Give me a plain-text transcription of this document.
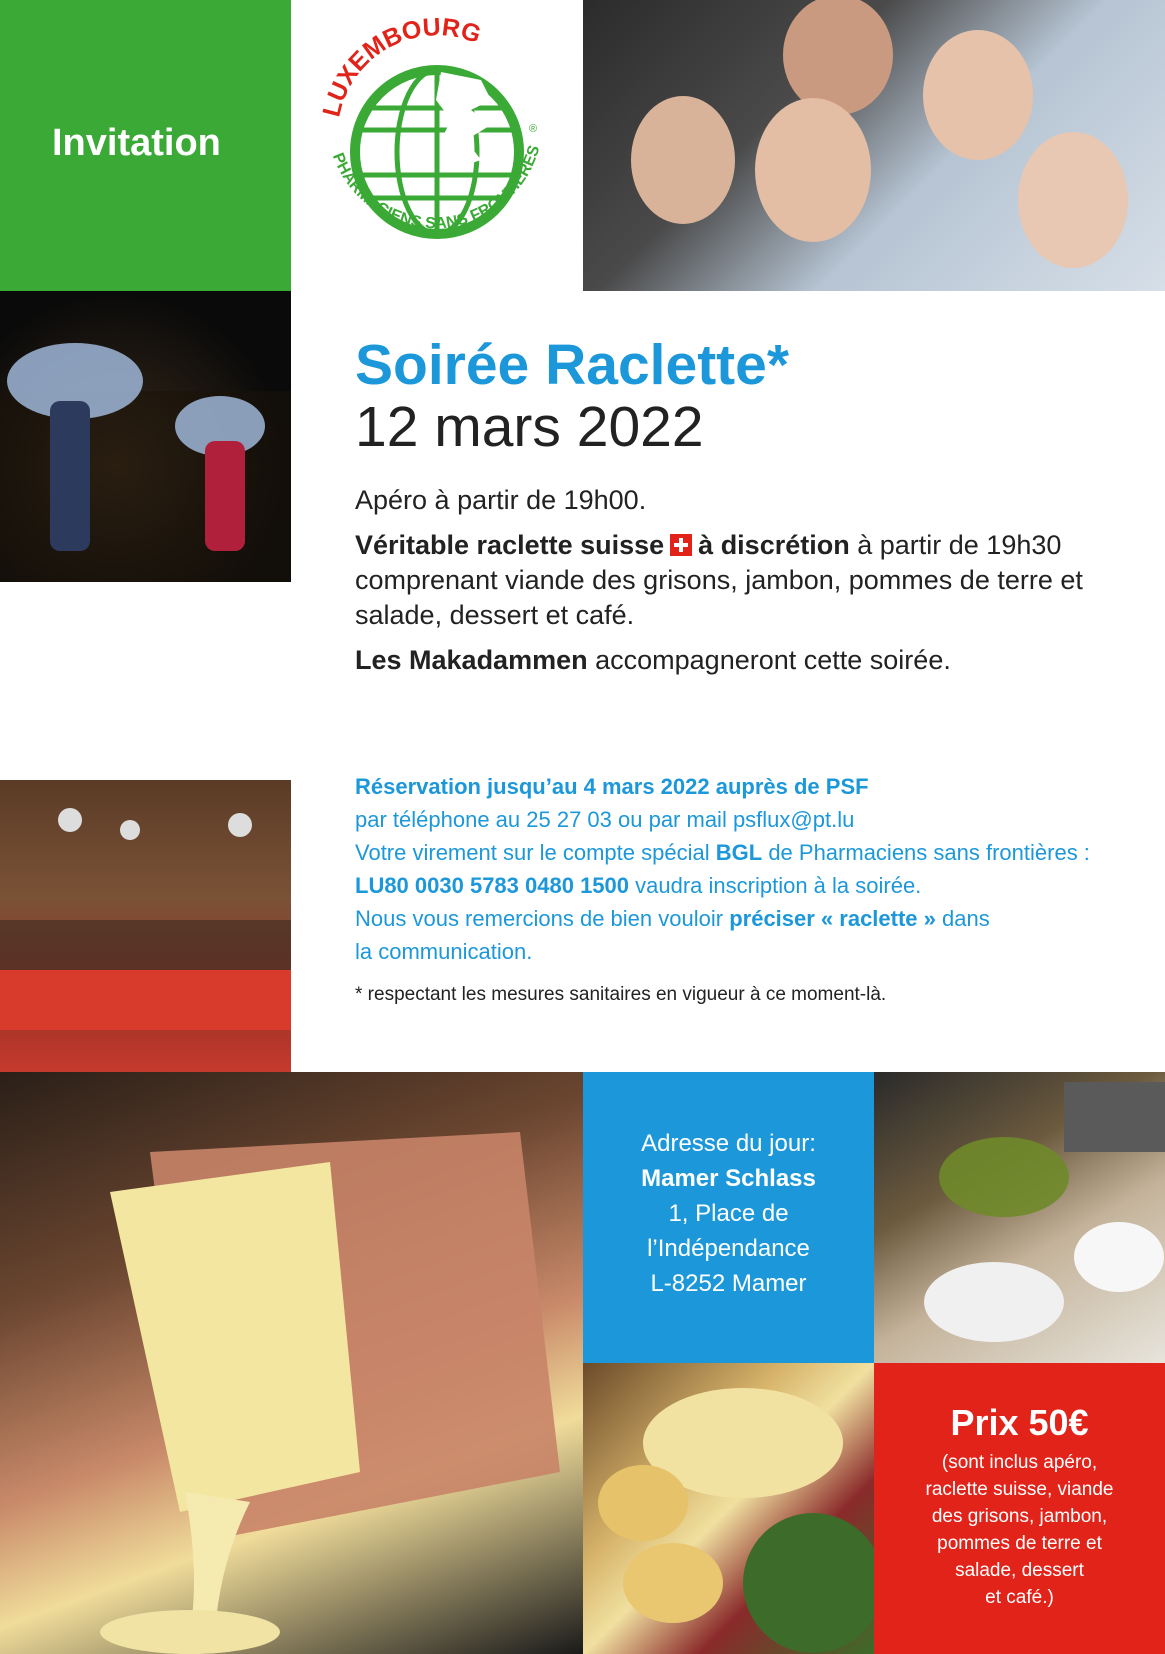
Invitation
LUXEMBOURG
PHARMACIENS SANS FRONTIÈRES
®

Soirée Raclette*

12 mars 2022

Apéro à partir de 19h00.

Véritable raclette suisse à discrétion à partir de 19h30 comprenant viande des grisons, jambon, pommes de terre et salade, dessert et café.

Les Makadammen accompagneront cette soirée.

Réservation jusqu’au 4 mars 2022 auprès de PSF
par téléphone au 25 27 03 ou par mail psflux@pt.lu
Votre virement sur le compte spécial BGL de Pharmaciens sans frontières :
LU80 0030 5783 0480 1500 vaudra inscription à la soirée.
Nous vous remercions de bien vouloir préciser « raclette » dans
la communication.
* respectant les mesures sanitaires en vigueur à ce moment-là.
Adresse du jour:
Mamer Schlass
1, Place de
l’Indépendance
L-8252 Mamer
Prix 50€
(sont inclus apéro,
raclette suisse, viande
des grisons, jambon,
pommes de terre et
salade, dessert
et café.)
